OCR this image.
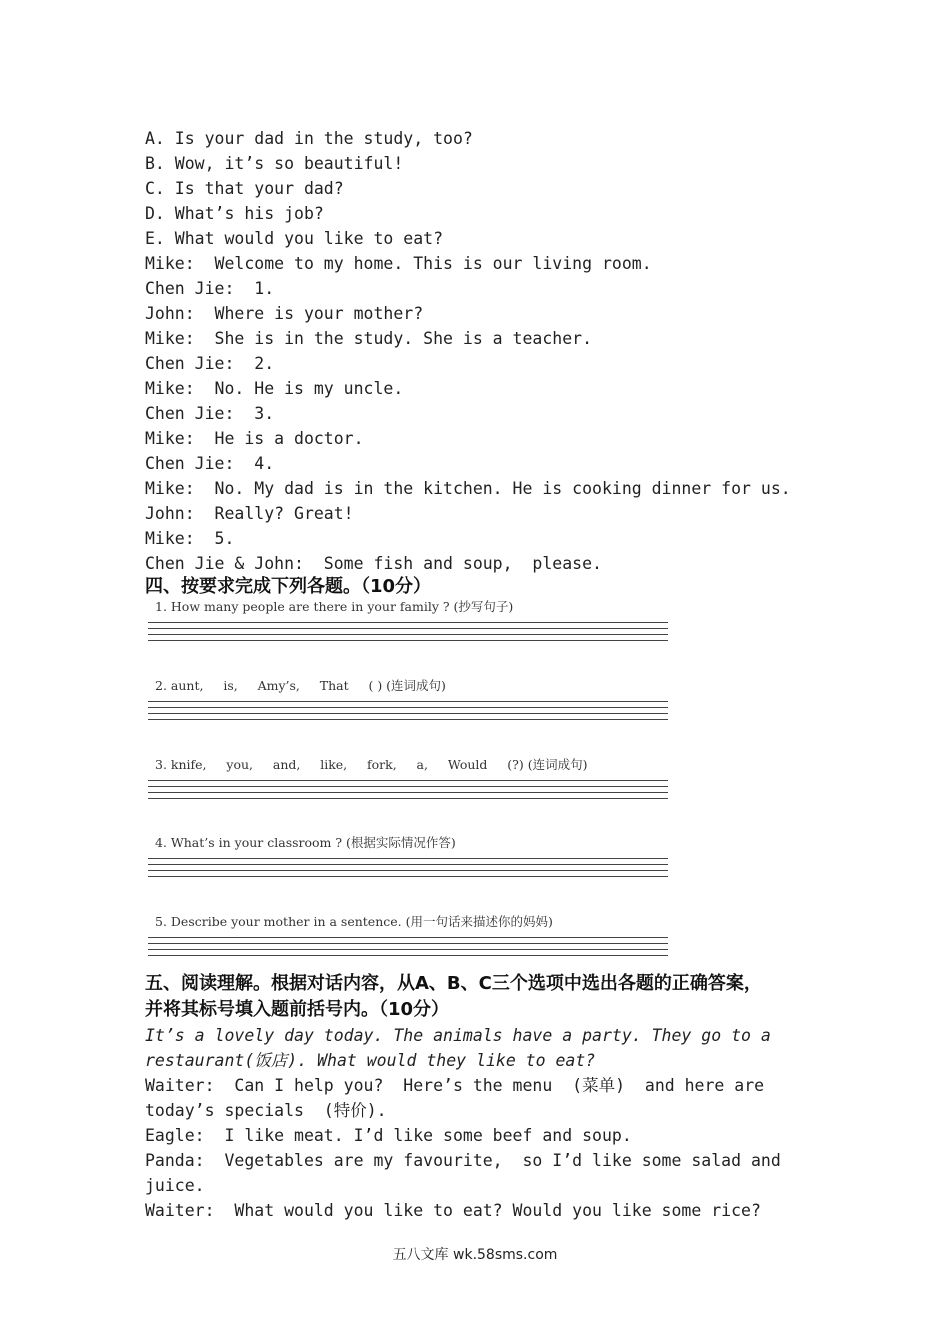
A. Is your dad in the study, too?
B. Wow, it’s so beautiful!
C. Is that your dad?
D. What’s his job?
E. What would you like to eat?
Mike:  Welcome to my home. This is our living room.
Chen Jie:  1.
John:  Where is your mother?
Mike:  She is in the study. She is a teacher.
Chen Jie:  2.
Mike:  No. He is my uncle.
Chen Jie:  3.
Mike:  He is a doctor.
Chen Jie:  4.
Mike:  No. My dad is in the kitchen. He is cooking dinner for us.
John:  Really? Great!
Mike:  5.
Chen Jie & John:  Some fish and soup,  please.
四、按要求完成下列各题。（10分）
1. How many people are there in your family ? (抄写句子)
2. aunt,     is,     Amy’s,     That     ( ) (连词成句)
3. knife,     you,     and,     like,     fork,     a,     Would     (?) (连词成句)
4. What’s in your classroom ? (根据实际情况作答)
5. Describe your mother in a sentence. (用一句话来描述你的妈妈)
五、阅读理解。根据对话内容，从A、B、C三个选项中选出各题的正确答案，
并将其标号填入题前括号内。（10分）
It’s a lovely day today. The animals have a party. They go to a
restaurant(饭店). What would they like to eat?
Waiter:  Can I help you?  Here’s the menu  (菜单)  and here are
today’s specials  (特价).
Eagle:  I like meat. I’d like some beef and soup.
Panda:  Vegetables are my favourite,  so I’d like some salad and
juice.
Waiter:  What would you like to eat? Would you like some rice?
五八文库 wk.58sms.com
